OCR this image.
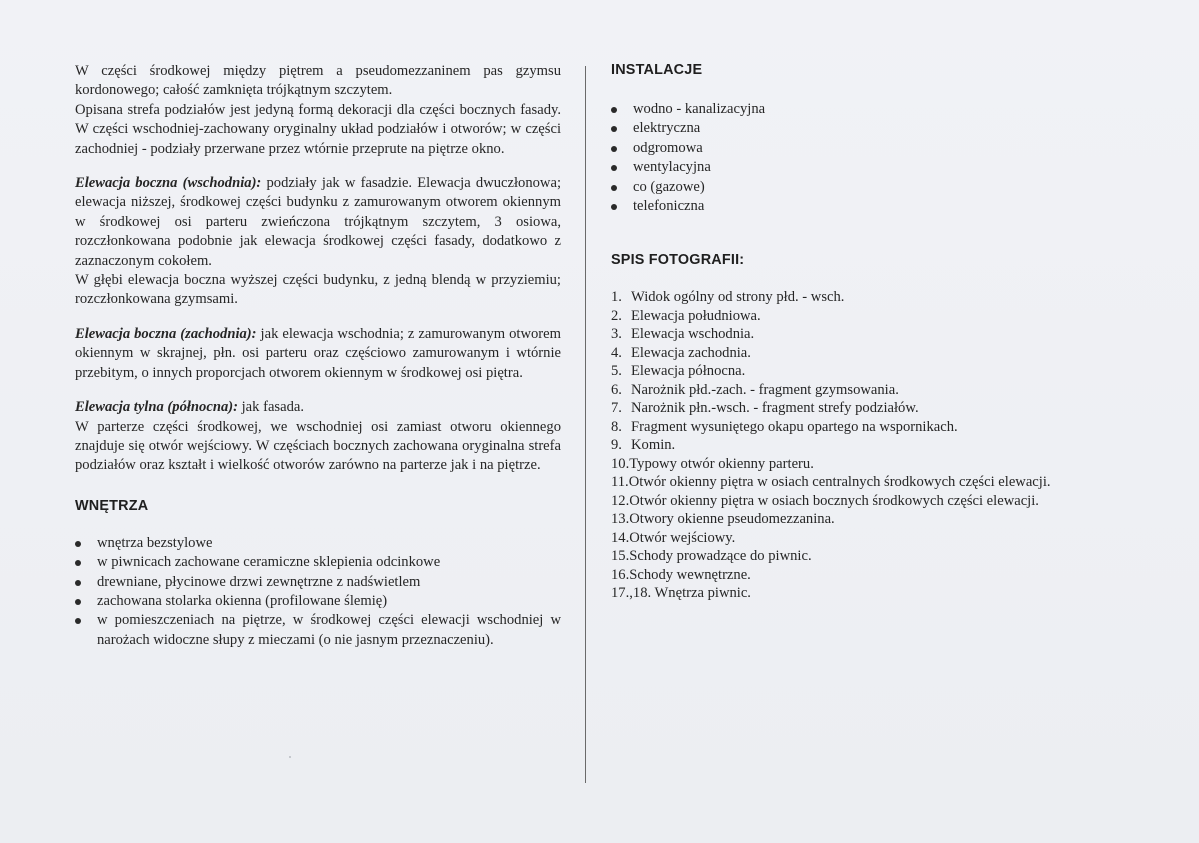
W części środkowej między piętrem a pseudomezzaninem pas gzymsu kordonowego; całość zamknięta trójkątnym szczytem.

Opisana strefa podziałów jest jedyną formą dekoracji dla części bocznych fasady. W części wschodniej-zachowany oryginalny układ podziałów i otworów; w części zachodniej - podziały przerwane przez wtórnie przeprute na piętrze okno.

Elewacja boczna (wschodnia): podziały jak w fasadzie. Elewacja dwuczłonowa; elewacja niższej, środkowej części budynku z zamurowanym otworem okiennym w środkowej osi parteru zwieńczona trójkątnym szczytem, 3 osiowa, rozczłonkowana podobnie jak elewacja środkowej części fasady, dodatkowo z zaznaczonym cokołem.

W głębi elewacja boczna wyższej części budynku, z jedną blendą w przyziemiu; rozczłonkowana gzymsami.

Elewacja boczna (zachodnia): jak elewacja wschodnia; z zamurowanym otworem okiennym w skrajnej, płn. osi parteru oraz częściowo zamurowanym i wtórnie przebitym, o innych proporcjach otworem okiennym w środkowej osi piętra.

Elewacja tylna (północna): jak fasada.

W parterze części środkowej, we wschodniej osi zamiast otworu okiennego znajduje się otwór wejściowy. W częściach bocznych zachowana oryginalna strefa podziałów oraz kształt i wielkość otworów zarówno na parterze jak i na piętrze.

WNĘTRZA
wnętrza bezstylowe
w piwnicach zachowane ceramiczne sklepienia odcinkowe
drewniane, płycinowe drzwi zewnętrzne z nadświetlem
zachowana stolarka okienna (profilowane ślemię)
w pomieszczeniach na piętrze, w środkowej części elewacji wschodniej w narożach widoczne słupy z mieczami (o nie jasnym przeznaczeniu).
INSTALACJE
wodno - kanalizacyjna
elektryczna
odgromowa
wentylacyjna
co (gazowe)
telefoniczna
SPIS FOTOGRAFII:
1. Widok ogólny od strony płd. - wsch.
2. Elewacja południowa.
3. Elewacja wschodnia.
4. Elewacja zachodnia.
5. Elewacja północna.
6. Narożnik płd.-zach. - fragment gzymsowania.
7. Narożnik płn.-wsch. - fragment strefy podziałów.
8. Fragment wysuniętego okapu opartego na wspornikach.
9. Komin.
10.Typowy otwór okienny parteru.
11.Otwór okienny piętra w osiach centralnych środkowych części elewacji.
12.Otwór okienny piętra w osiach bocznych środkowych części elewacji.
13.Otwory okienne pseudomezzanina.
14.Otwór wejściowy.
15.Schody prowadzące do piwnic.
16.Schody wewnętrzne.
17.,18. Wnętrza piwnic.
